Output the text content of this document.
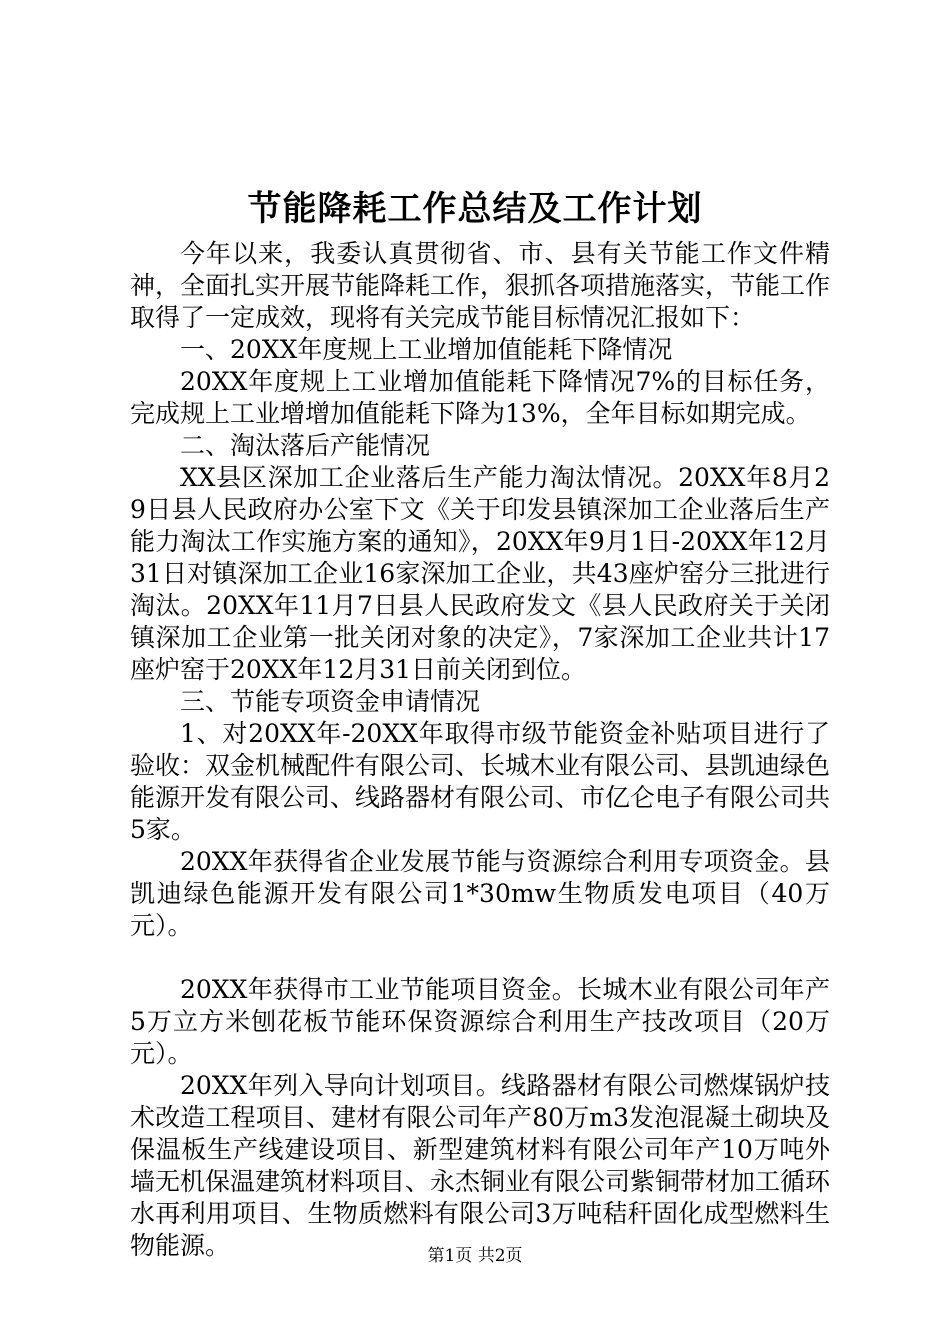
节能降耗工作总结及工作计划

今年以来，我委认真贯彻省、市、县有关节能工作文件精神，全面扎实开展节能降耗工作，狠抓各项措施落实，节能工作取得了一定成效，现将有关完成节能目标情况汇报如下：

一、20XX年度规上工业增加值能耗下降情况

20XX年度规上工业增加值能耗下降情况7%的目标任务，完成规上工业增增加值能耗下降为13%，全年目标如期完成。

二、淘汰落后产能情况

XX县区深加工企业落后生产能力淘汰情况。20XX年8月29日县人民政府办公室下文《关于印发县镇深加工企业落后生产能力淘汰工作实施方案的通知》，20XX年9月1日-20XX年12月31日对镇深加工企业16家深加工企业，共43座炉窑分三批进行淘汰。20XX年11月7日县人民政府发文《县人民政府关于关闭镇深加工企业第一批关闭对象的决定》，7家深加工企业共计17座炉窑于20XX年12月31日前关闭到位。

三、节能专项资金申请情况

1、对20XX年-20XX年取得市级节能资金补贴项目进行了验收：双金机械配件有限公司、长城木业有限公司、县凯迪绿色能源开发有限公司、线路器材有限公司、市亿仑电子有限公司共5家。

20XX年获得省企业发展节能与资源综合利用专项资金。县凯迪绿色能源开发有限公司1*30mw生物质发电项目（40万元）。

20XX年获得市工业节能项目资金。长城木业有限公司年产5万立方米刨花板节能环保资源综合利用生产技改项目（20万元）。

20XX年列入导向计划项目。线路器材有限公司燃煤锅炉技术改造工程项目、建材有限公司年产80万m3发泡混凝土砌块及保温板生产线建设项目、新型建筑材料有限公司年产10万吨外墙无机保温建筑材料项目、永杰铜业有限公司紫铜带材加工循环水再利用项目、生物质燃料有限公司3万吨秸秆固化成型燃料生物能源。	第1页 共2页
